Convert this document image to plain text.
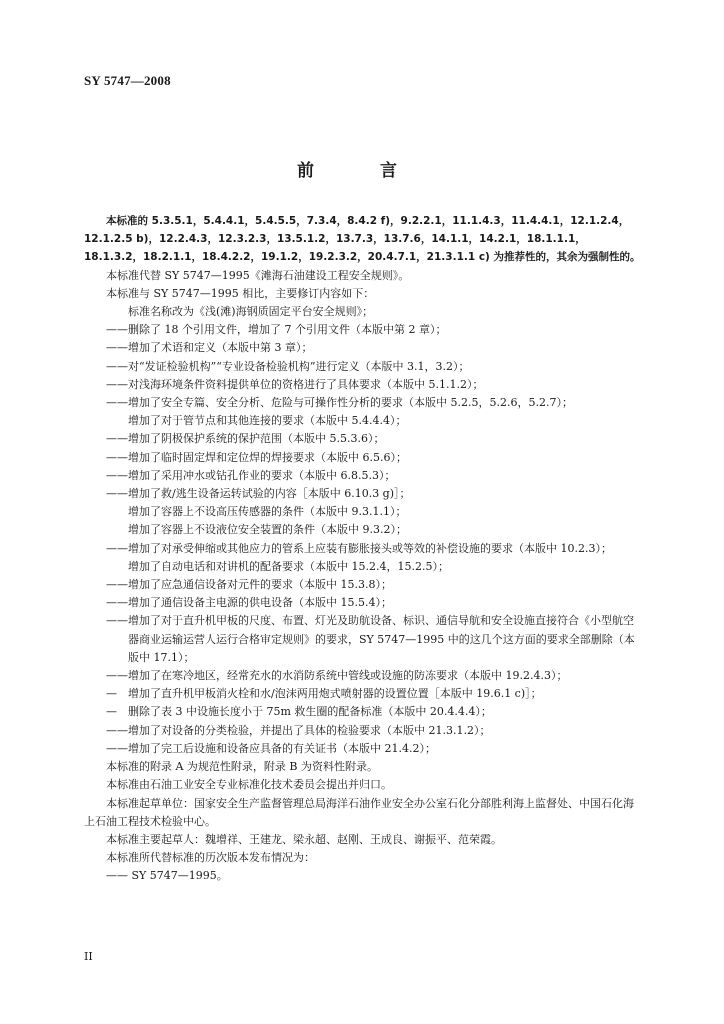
SY 5747—2008
前 言

本标准的 5.3.5.1，5.4.4.1，5.4.5.5，7.3.4，8.4.2 f)，9.2.2.1，11.1.4.3，11.4.4.1，12.1.2.4，12.1.2.5 b)，12.2.4.3，12.3.2.3，13.5.1.2，13.7.3，13.7.6，14.1.1，14.2.1，18.1.1.1，18.1.3.2，18.2.1.1，18.4.2.2，19.1.2，19.2.3.2，20.4.7.1，21.3.1.1 c) 为推荐性的，其余为强制性的。

本标准代替 SY 5747—1995《滩海石油建设工程安全规则》。

本标准与 SY 5747—1995 相比，主要修订内容如下：

标准名称改为《浅(滩)海钢质固定平台安全规则》；

——删除了 18 个引用文件，增加了 7 个引用文件（本版中第 2 章）；

——增加了术语和定义（本版中第 3 章）；

——对“发证检验机构”“专业设备检验机构”进行定义（本版中 3.1，3.2）；

——对浅海环境条件资料提供单位的资格进行了具体要求（本版中 5.1.1.2）；

——增加了安全专篇、安全分析、危险与可操作性分析的要求（本版中 5.2.5，5.2.6，5.2.7）；

增加了对于管节点和其他连接的要求（本版中 5.4.4.4）；

——增加了阴极保护系统的保护范围（本版中 5.5.3.6）；

——增加了临时固定焊和定位焊的焊接要求（本版中 6.5.6）；

——增加了采用冲水或钻孔作业的要求（本版中 6.8.5.3）；

——增加了救/逃生设备运转试验的内容［本版中 6.10.3 g)］；

增加了容器上不设高压传感器的条件（本版中 9.3.1.1）；

增加了容器上不设液位安全装置的条件（本版中 9.3.2）；

——增加了对承受伸缩或其他应力的管系上应装有膨胀接头或等效的补偿设施的要求（本版中 10.2.3）；

增加了自动电话和对讲机的配备要求（本版中 15.2.4，15.2.5）；

——增加了应急通信设备对元件的要求（本版中 15.3.8）；

——增加了通信设备主电源的供电设备（本版中 15.5.4）；

——增加了对于直升机甲板的尺度、布置、灯光及助航设备、标识、通信导航和安全设施直接符合《小型航空器商业运输运营人运行合格审定规则》的要求，SY 5747—1995 中的这几个这方面的要求全部删除（本版中 17.1）；

——增加了在寒冷地区，经常充水的水消防系统中管线或设施的防冻要求（本版中 19.2.4.3）；

— 增加了直升机甲板消火栓和水/泡沫两用炮式喷射器的设置位置［本版中 19.6.1 c)］；

— 删除了表 3 中设施长度小于 75m 救生圈的配备标准（本版中 20.4.4.4）；

——增加了对设备的分类检验，并提出了具体的检验要求（本版中 21.3.1.2）；

——增加了完工后设施和设备应具备的有关证书（本版中 21.4.2）；

本标准的附录 A 为规范性附录，附录 B 为资料性附录。

本标准由石油工业安全专业标准化技术委员会提出并归口。

本标准起草单位：国家安全生产监督管理总局海洋石油作业安全办公室石化分部胜利海上监督处、中国石化海上石油工程技术检验中心。

本标准主要起草人：魏增祥、王建龙、梁永超、赵刚、王成良、谢振平、范荣霞。

本标准所代替标准的历次版本发布情况为：

—— SY 5747—1995。

II
